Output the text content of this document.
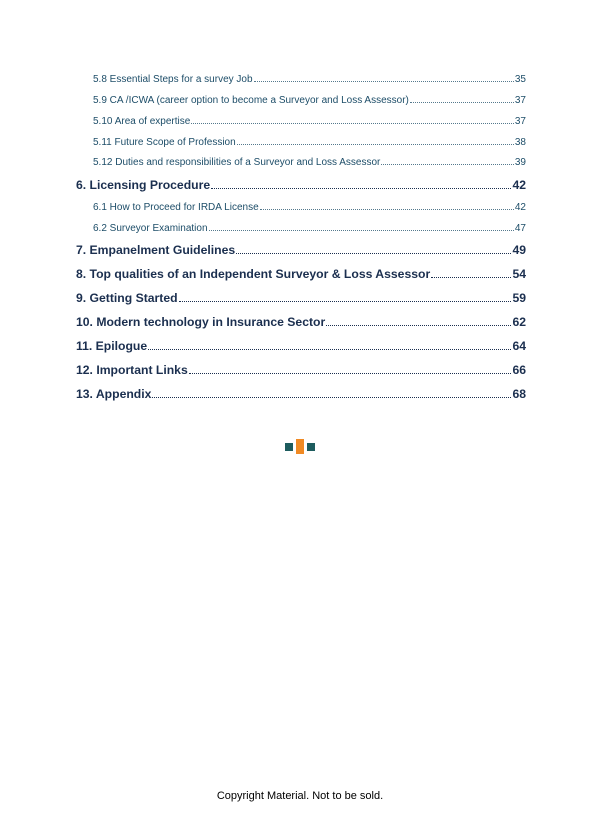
5.8 Essential Steps for a survey Job	35
5.9 CA /ICWA (career option to become a Surveyor and Loss Assessor)	37
5.10 Area of expertise	37
5.11 Future Scope of Profession	38
5.12 Duties and responsibilities of a Surveyor and Loss Assessor	39
6. Licensing Procedure	42
6.1 How to Proceed for IRDA License	42
6.2 Surveyor Examination	47
7. Empanelment Guidelines	49
8. Top qualities of an Independent Surveyor & Loss Assessor	54
9. Getting Started	59
10. Modern technology in Insurance Sector	62
11. Epilogue	64
12. Important Links	66
13. Appendix	68
Copyright Material. Not to be sold.
